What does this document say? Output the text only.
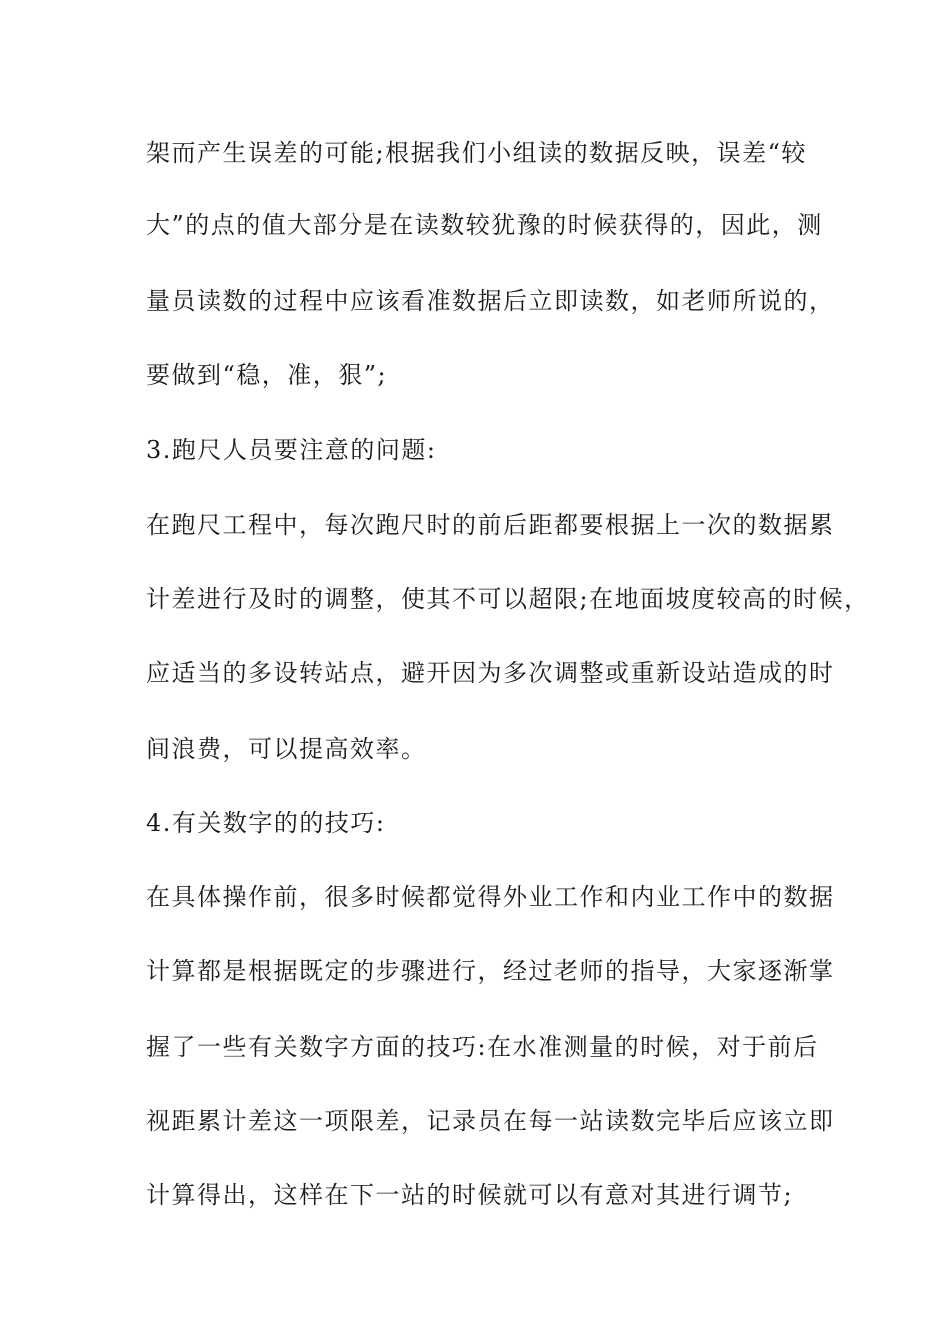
架而产生误差的可能;根据我们小组读的数据反映，误差“较
大”的点的值大部分是在读数较犹豫的时候获得的，因此，测
量员读数的过程中应该看准数据后立即读数，如老师所说的，
要做到“稳，准，狠”;
3.跑尺人员要注意的问题:
在跑尺工程中，每次跑尺时的前后距都要根据上一次的数据累
计差进行及时的调整，使其不可以超限;在地面坡度较高的时候，
应适当的多设转站点，避开因为多次调整或重新设站造成的时
间浪费，可以提高效率。
4.有关数字的的技巧:
在具体操作前，很多时候都觉得外业工作和内业工作中的数据
计算都是根据既定的步骤进行，经过老师的指导，大家逐渐掌
握了一些有关数字方面的技巧:在水准测量的时候，对于前后
视距累计差这一项限差，记录员在每一站读数完毕后应该立即
计算得出，这样在下一站的时候就可以有意对其进行调节;
